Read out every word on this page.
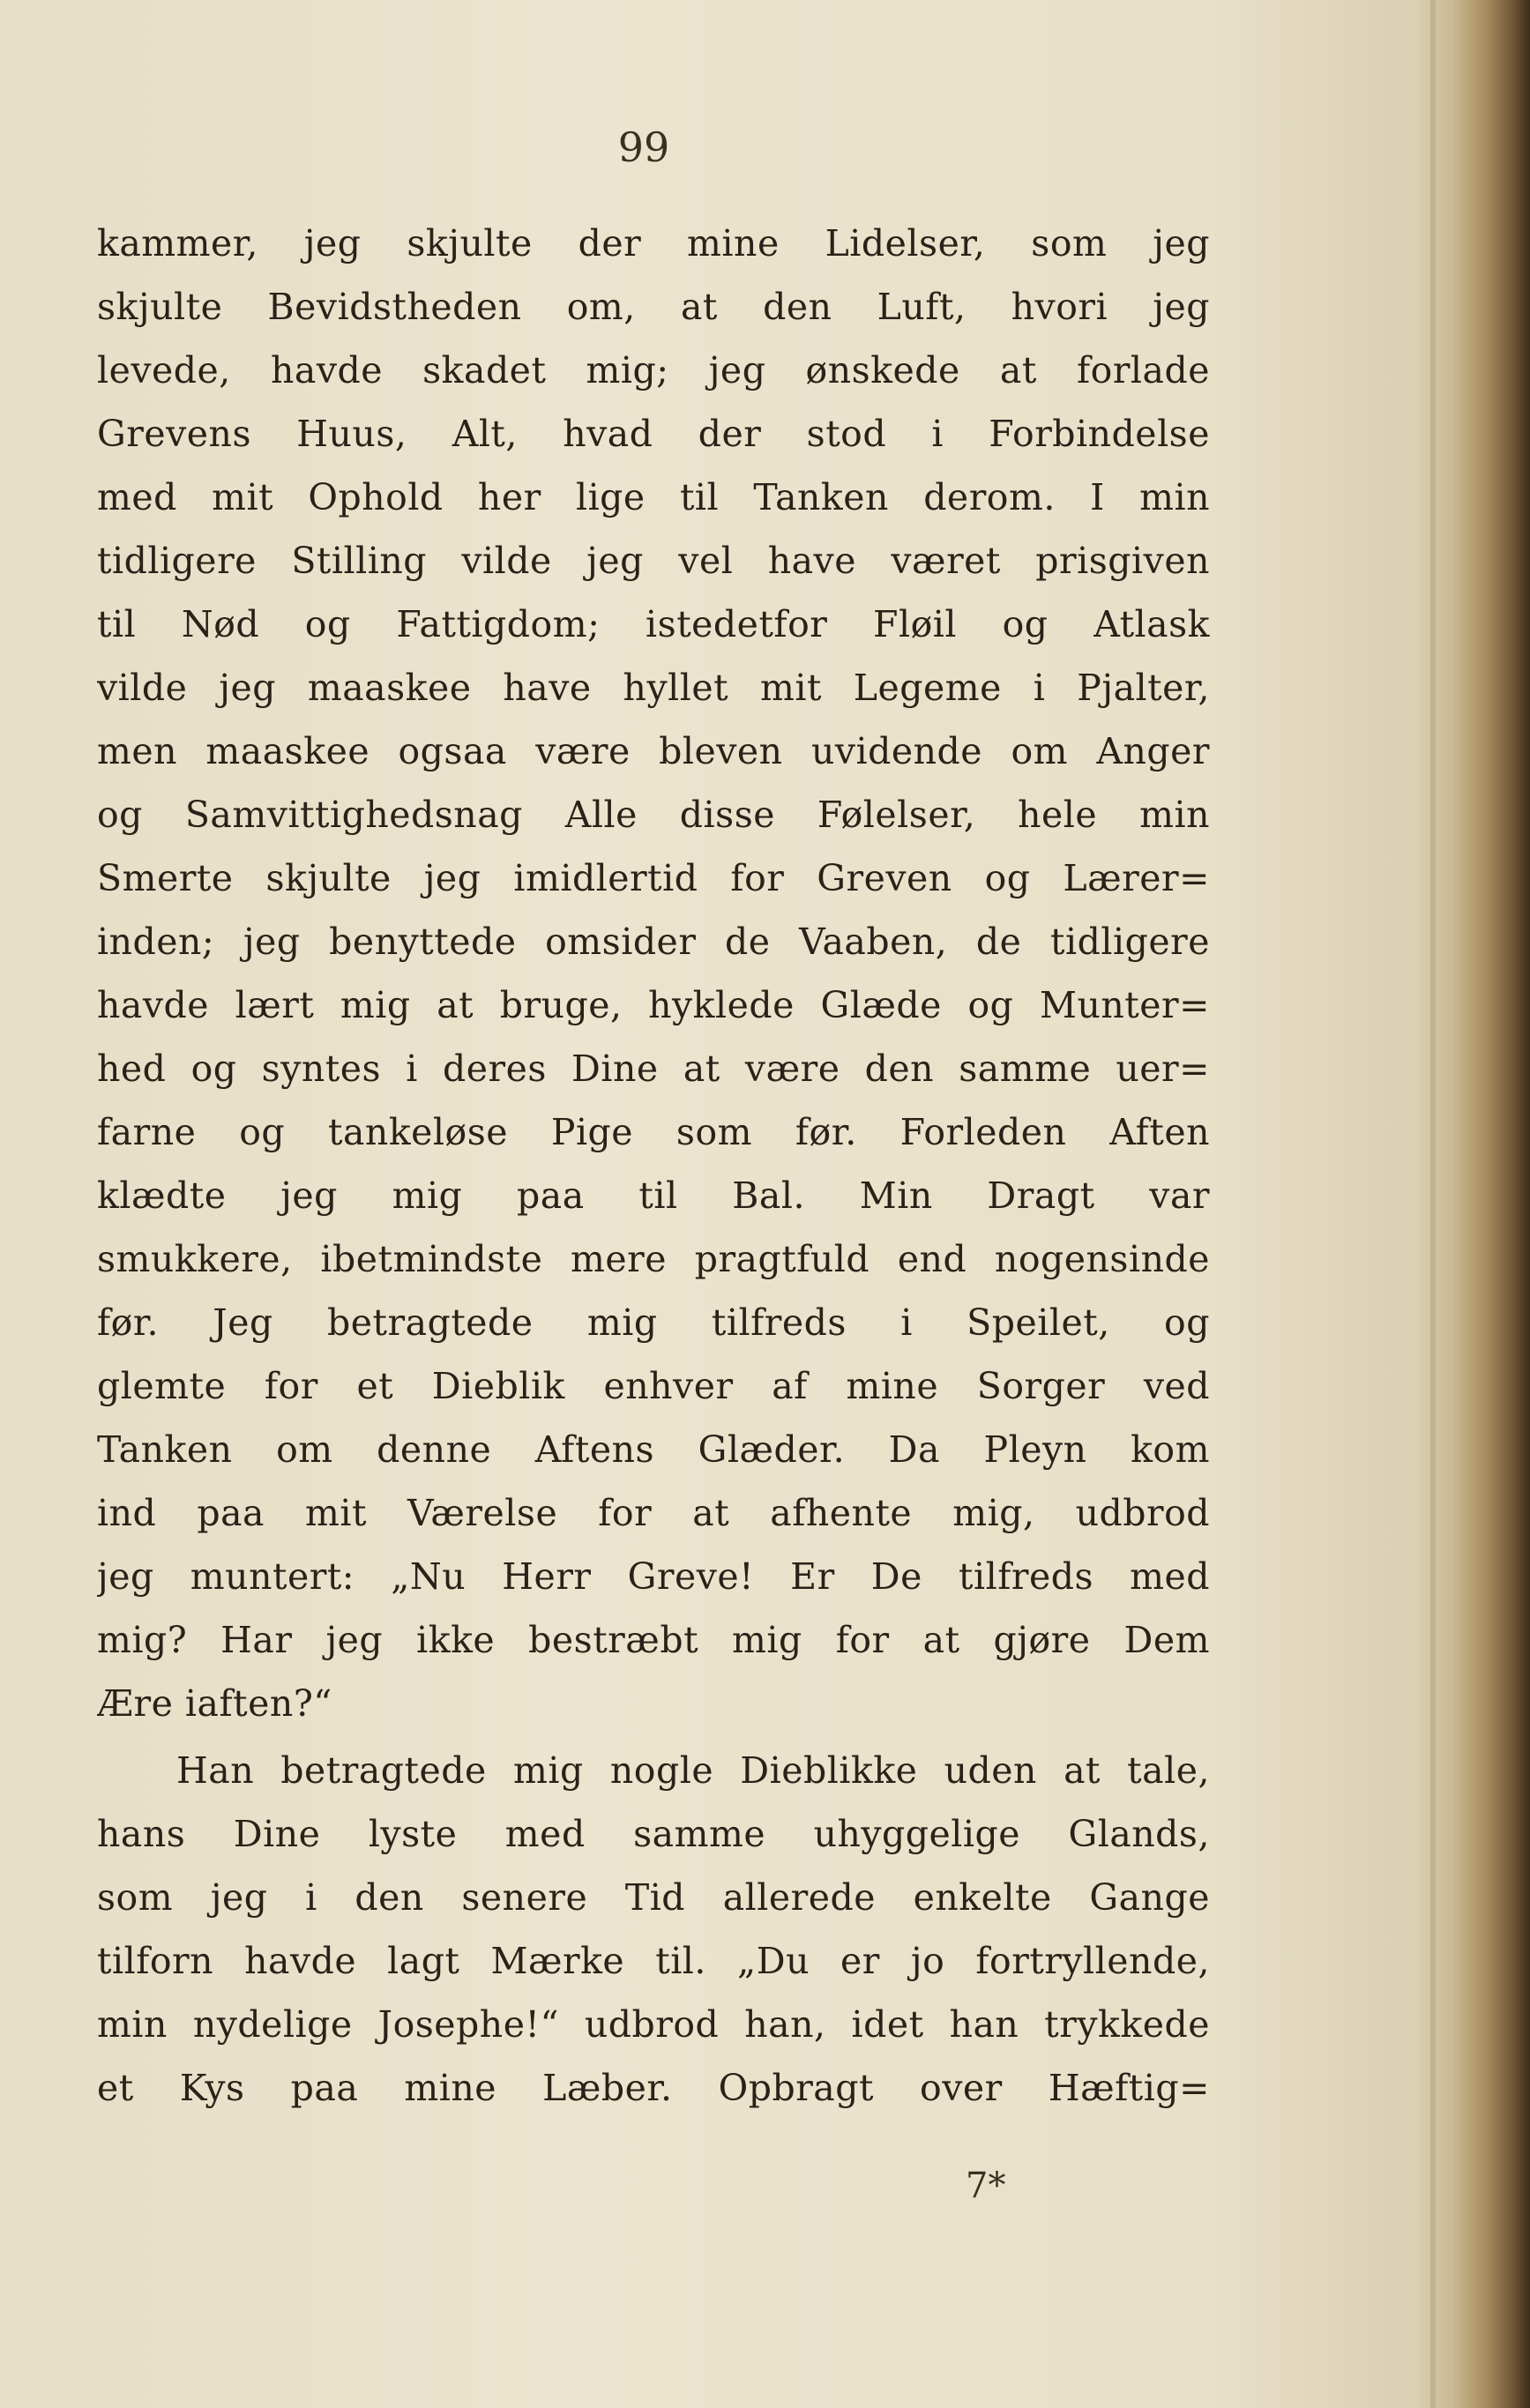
99
kammer, jeg skjulte der mine Lidelser, som jeg
skjulte Bevidstheden om, at den Luft, hvori jeg
levede, havde skadet mig; jeg ønskede at forlade
Grevens Huus, Alt, hvad der stod i Forbindelse
med mit Ophold her lige til Tanken derom. I min
tidligere Stilling vilde jeg vel have været prisgiven
til Nød og Fattigdom; istedetfor Fløil og Atlask
vilde jeg maaskee have hyllet mit Legeme i Pjalter,
men maaskee ogsaa være bleven uvidende om Anger
og Samvittighedsnag Alle disse Følelser, hele min
Smerte skjulte jeg imidlertid for Greven og Lærer=
inden; jeg benyttede omsider de Vaaben, de tidligere
havde lært mig at bruge, hyklede Glæde og Munter=
hed og syntes i deres Dine at være den samme uer=
farne og tankeløse Pige som før. Forleden Aften
klædte jeg mig paa til Bal. Min Dragt var
smukkere, ibetmindste mere pragtfuld end nogensinde
før. Jeg betragtede mig tilfreds i Speilet, og
glemte for et Dieblik enhver af mine Sorger ved
Tanken om denne Aftens Glæder. Da Pleyn kom
ind paa mit Værelse for at afhente mig, udbrod
jeg muntert: „Nu Herr Greve! Er De tilfreds med
mig? Har jeg ikke bestræbt mig for at gjøre Dem
Ære iaften?“
Han betragtede mig nogle Dieblikke uden at tale,
hans Dine lyste med samme uhyggelige Glands,
som jeg i den senere Tid allerede enkelte Gange
tilforn havde lagt Mærke til. „Du er jo fortryllende,
min nydelige Josephe!“ udbrod han, idet han trykkede
et Kys paa mine Læber. Opbragt over Hæftig=
7*
